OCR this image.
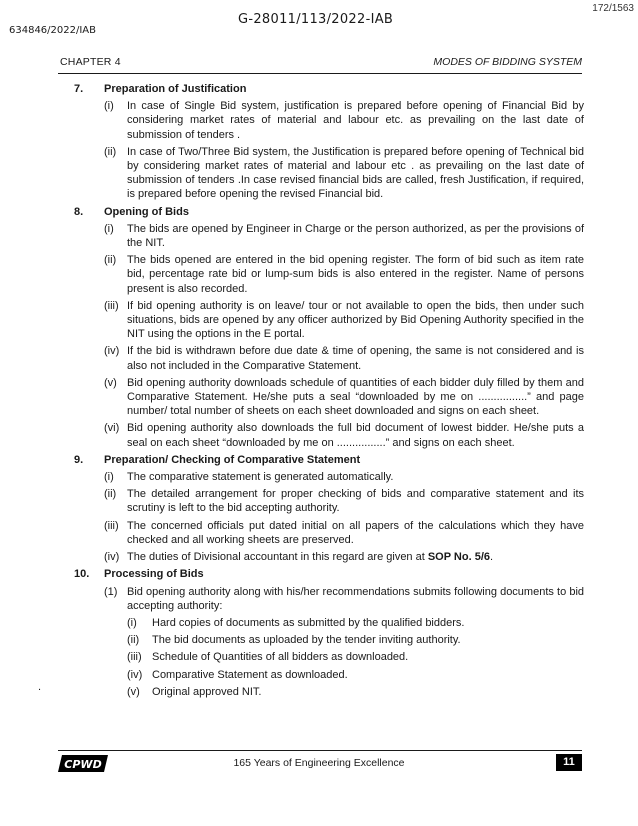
172/1563
G-28011/113/2022-IAB
634846/2022/IAB
CHAPTER 4	MODES OF BIDDING SYSTEM
7.	Preparation of Justification
(i)	In case of Single Bid system, justification is prepared before opening of Financial Bid by considering market rates of material and labour etc. as prevailing on the last date of submission of tenders .
(ii) In case of Two/Three Bid system, the Justification is prepared before opening of Technical bid by considering market rates of material and labour etc . as prevailing on the last date of submission of tenders .In case revised financial bids are called, fresh Justification, if required, is prepared before opening the revised Financial bid.
8.	Opening of Bids
(i)	The bids are opened by Engineer in Charge or the person authorized, as per the provisions of the NIT.
(ii) The bids opened are entered in the bid opening register. The form of bid such as item rate bid, percentage rate bid or lump-sum bids is also entered in the register. Name of persons present is also recorded.
(iii) If bid opening authority is on leave/ tour or not available to open the bids, then under such situations, bids are opened by any officer authorized by Bid Opening Authority specified in the NIT using the options in the E portal.
(iv) If the bid is withdrawn before due date & time of opening, the same is not considered and is also not included in the Comparative Statement.
(v) Bid opening authority downloads schedule of quantities of each bidder duly filled by them and Comparative Statement. He/she puts a seal “downloaded by me on ................” and page number/ total number of sheets on each sheet downloaded and signs on each sheet.
(vi) Bid opening authority also downloads the full bid document of lowest bidder. He/she puts a seal on each sheet “downloaded by me on ................” and signs on each sheet.
9.	Preparation/ Checking of Comparative Statement
(i)	The comparative statement is generated automatically.
(ii) The detailed arrangement for proper checking of bids and comparative statement and its scrutiny is left to the bid accepting authority.
(iii) The concerned officials put dated initial on all papers of the calculations which they have checked and all working sheets are preserved.
(iv) The duties of Divisional accountant in this regard are given at SOP No. 5/6.
10.	Processing of Bids
(1) Bid opening authority along with his/her recommendations submits following documents to bid accepting authority:
(i)	Hard copies of documents as submitted by the qualified bidders.
(ii)	The bid documents as uploaded by the tender inviting authority.
(iii) Schedule of Quantities of all bidders as downloaded.
(iv) Comparative Statement as downloaded.
(v)	Original approved NIT.
.
CPWD	165 Years of Engineering Excellence	11
